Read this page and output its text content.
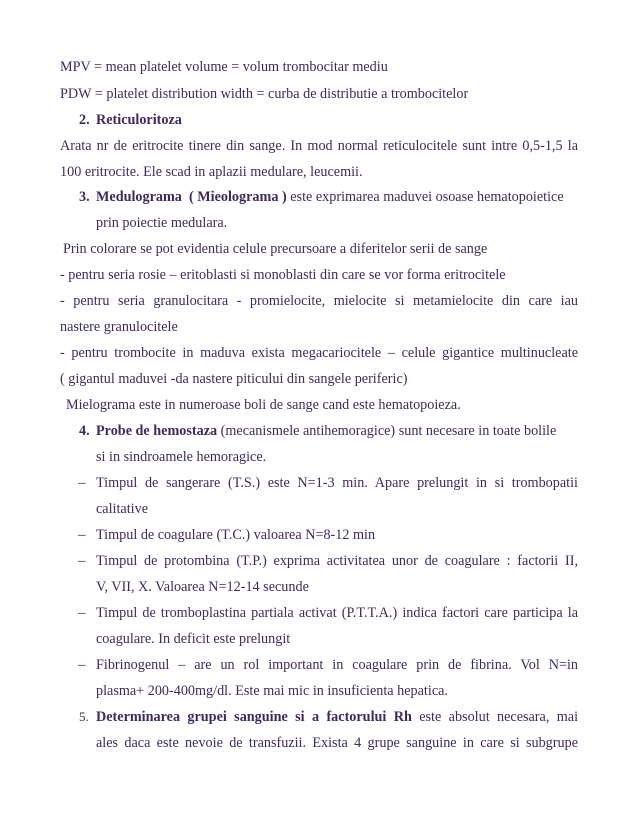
MPV = mean platelet volume = volum trombocitar mediu
PDW = platelet distribution width = curba de distributie a trombocitelor
2. Reticuloritoza
Arata nr de eritrocite tinere din sange. In mod normal reticulocitele sunt intre 0,5-1,5 la
100 eritrocite. Ele scad in aplazii medulare, leucemii.
3. Medulograma ( Mieolograma ) este exprimarea maduvei osoase hematopoietice
prin poiectie medulara.
Prin colorare se pot evidentia celule precursoare a diferitelor serii de sange
- pentru seria rosie – eritoblasti si monoblasti din care se vor forma eritrocitele
- pentru seria granulocitara - promielocite, mielocite si metamielocite din care iau
nastere granulocitele
- pentru trombocite in maduva exista megacariocitele – celule gigantice multinucleate
( gigantul maduvei -da nastere piticului din sangele periferic)
Mielograma este in numeroase boli de sange cand este hematopoieza.
4. Probe de hemostaza (mecanismele antihemoragice) sunt necesare in toate bolile
si in sindroamele hemoragice.
– Timpul de sangerare (T.S.) este N=1-3 min. Apare prelungit in si trombopatii
calitative
– Timpul de coagulare (T.C.) valoarea N=8-12 min
– Timpul de protombina (T.P.) exprima activitatea unor de coagulare : factorii II,
V, VII, X. Valoarea N=12-14 secunde
– Timpul de tromboplastina partiala activat (P.T.T.A.) indica factori care participa la
coagulare. In deficit este prelungit
– Fibrinogenul – are un rol important in coagulare prin de fibrina. Vol N=in
plasma+ 200-400mg/dl. Este mai mic in insuficienta hepatica.
5. Determinarea grupei sanguine si a factorului Rh este absolut necesara, mai
ales daca este nevoie de transfuzii. Exista 4 grupe sanguine in care si subgrupe
